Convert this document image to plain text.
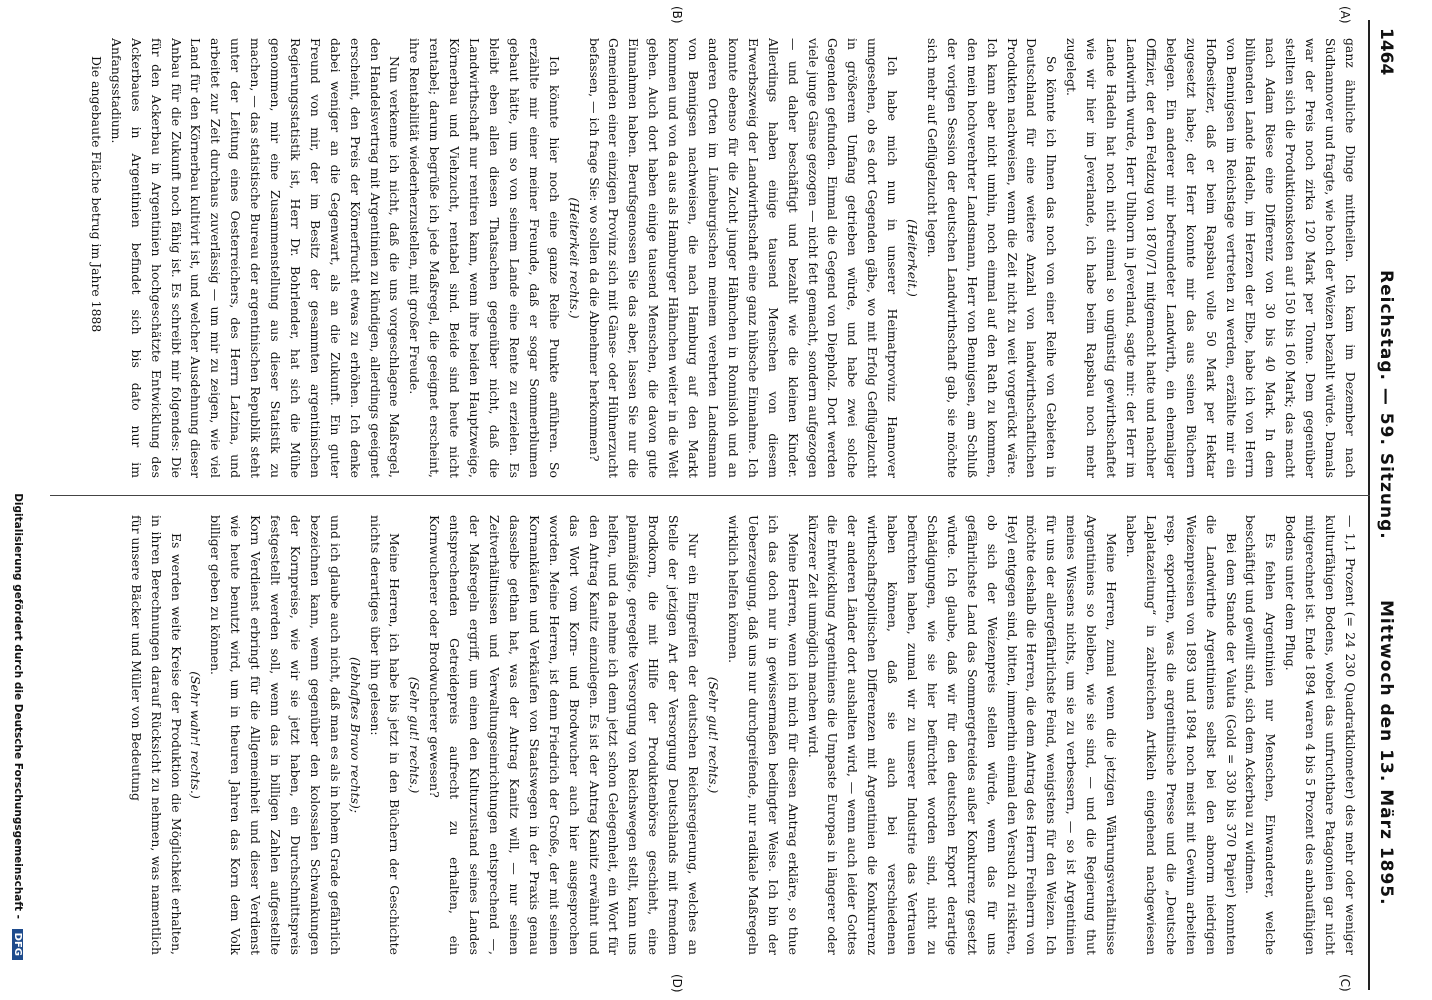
1464
Reichstag. — 59. Sitzung.
Mittwoch den 13. März 1895.
(A)
(B)
(C)
(D)

ganz ähnliche Dinge mittheilen. Ich kam im Dezember nach Südhannover und fragte, wie hoch der Weizen bezahlt würde. Damals war der Preis noch zirka 120 Mark per Tonne. Dem gegenüber stellten sich die Produktionskosten auf 150 bis 160 Mark; das macht nach Adam Riese eine Differenz von 30 bis 40 Mark. In dem blühenden Lande Hadeln, im Herzen der Elbe, habe ich von Herrn von Bennigsen im Reichstage vertreten zu werden, erzählte mir ein Hofbesitzer, daß er beim Rapsbau volle 50 Mark per Hektar zugesetzt habe; der Herr konnte mir das aus seinen Büchern belegen. Ein anderer mir befreundeter Landwirth, ein ehemaliger Offizier, der den Feldzug von 1870/71 mitgemacht hatte und nachher Landwirth wurde, Herr Uhlhorn in Jeverland, sagte mir: der Herr im Lande Hadeln hat noch nicht einmal so ungünstig gewirthschaftet wie wir hier im Jeverlande, ich habe beim Rapsbau noch mehr zugelegt.

So könnte ich Ihnen das noch von einer Reihe von Gebieten in Deutschland für eine weitere Anzahl von landwirthschaftlichen Produkten nachweisen, wenn die Zeit nicht zu weit vorgerückt wäre. Ich kann aber nicht umhin, noch einmal auf den Rath zu kommen, den mein hochverehrter Landsmann, Herr von Bennigsen, am Schluß der vorigen Session der deutschen Landwirthschaft gab, sie möchte sich mehr auf Geflügelzucht legen.

(Heiterkeit.)

Ich habe mich nun in unserer Heimatprovinz Hannover umgesehen, ob es dort Gegenden gäbe, wo mit Erfolg Geflügelzucht in größerem Umfang getrieben würde, und habe zwei solche Gegenden gefunden. Einmal die Gegend von Diepholz. Dort werden viele junge Gänse gezogen — nicht fett gemacht, sondern aufgezogen — und daher beschäftigt und bezahlt wie die kleinen Kinder. Allerdings haben einige tausend Menschen von diesem Erwerbszweig der Landwirthschaft eine ganz hübsche Einnahme. Ich konnte ebenso für die Zucht junger Hähnchen in Ronnisloh und an anderen Orten im Lüneburgischen meinem verehrten Landsmann von Bennigsen nachweisen, die nach Hamburg auf den Markt kommen und von da aus als Hamburger Hähnchen weiter in die Welt gehen. Auch dort haben einige tausend Menschen, die davon gute Einnahmen haben. Berufsgenossen Sie das aber, lassen Sie nur die Gemeinden einer einzigen Provinz sich mit Gänse- oder Hühnerzucht befassen, — ich frage Sie: wo sollen da die Abnehmer herkommen?

(Heiterkeit rechts.)

Ich könnte hier noch eine ganze Reihe Punkte anführen. So erzählte mir einer meiner Freunde, daß er sogar Sommerblumen gebaut hätte, um so von seinem Lande eine Rente zu erzielen. Es bleibt eben allen diesen Thatsachen gegenüber nicht, daß die Landwirthschaft nur rentiren kann, wenn ihre beiden Hauptzweige, Körnerbau und Viehzucht, rentabel sind. Beide sind heute nicht rentabel; darum begrüße ich jede Maßregel, die geeignet erscheint, ihre Rentabilität wiederherzustellen, mit großer Freude.

Nun verkenne ich nicht, daß die uns vorgeschlagene Maßregel, den Handelsvertrag mit Argentinien zu kündigen, allerdings geeignet erscheint, den Preis der Körnerfrucht etwas zu erhöhen. Ich denke dabei weniger an die Gegenwart, als an die Zukunft. Ein guter Freund von mir, der im Besitz der gesammten argentinischen Regierungsstatistik ist, Herr Dr. Bohrlender, hat sich die Mühe genommen, mir eine Zusammenstellung aus dieser Statistik zu machen, — das statistische Bureau der argentinischen Republik steht unter der Leitung eines Oesterreichers, des Herrn Latzina, und arbeitet zur Zeit durchaus zuverlässig — um mir zu zeigen, wie viel Land für den Körnerbau kultivirt ist, und welcher Ausdehnung dieser Anbau für die Zukunft noch fähig ist. Es schreibt mir folgendes: Die für den Ackerbau in Argentinien hochgeschätzte Entwicklung des Ackerbaues in Argentinien befindet sich bis dato nur im Anfangsstadium.

Die angebaute Fläche betrug im Jahre 1888

— 1,1 Prozent (= 24 230 Quadratkilometer) des mehr oder weniger kulturfähigen Bodens, wobei das unfruchtbare Patagonien gar nicht mitgerechnet ist. Ende 1894 waren 4 bis 5 Prozent des anbaufähigen Bodens unter dem Pflug.

Es fehlen Argentinien nur Menschen, Einwanderer, welche beschäftigt und gewillt sind, sich dem Ackerbau zu widmen.

Bei dem Stande der Valuta (Gold = 330 bis 370 Papier) konnten die Landwirthe Argentiniens selbst bei den abnorm niedrigen Weizenpreisen von 1893 und 1894 noch meist mit Gewinn arbeiten resp. exportiren, was die argentinische Presse und die „Deutsche Laplatazeitung“ in zahlreichen Artikeln eingehend nachgewiesen haben.

Meine Herren, zumal wenn die jetzigen Währungsverhältnisse Argentiniens so bleiben, wie sie sind, — und die Regierung thut meines Wissens nichts, um sie zu verbessern, — so ist Argentinien für uns der allergefährlichste Feind, wenigstens für den Weizen. Ich möchte deshalb die Herren, die dem Antrag des Herrn Freiherrn von Heyl entgegen sind, bitten, immerhin einmal den Versuch zu riskiren, ob sich der Weizenpreis stellen würde, wenn das für uns gefährlichste Land das Sommergetreides außer Konkurrenz gesetzt würde. Ich glaube, daß wir für den deutschen Export derartige Schädigungen, wie sie hier befürchtet worden sind, nicht zu befürchten haben, zumal wir zu unserer Industrie das Vertrauen haben können, daß sie auch bei verschiedenen wirthschaftspolitischen Differenzen mit Argentinien die Konkurrenz der anderen Länder dort aushalten wird, — wenn auch leider Gottes die Entwicklung Argentiniens die Umpaste Europas in längerer oder kürzerer Zeit unmöglich machen wird.

Meine Herren, wenn ich mich für diesen Antrag erkläre, so thue ich das doch nur in gewissermaßen bedingter Weise. Ich bin der Ueberzeugung, daß uns nur durchgreifende, nur radikale Maßregeln wirklich helfen können.

(Sehr gut! rechts.)

Nur ein Eingreifen der deutschen Reichsregierung, welches an Stelle der jetzigen Art der Versorgung Deutschlands mit fremdem Brodkorn, die mit Hilfe der Produktenbörse geschieht, eine planmäßige, geregelte Versorgung von Reichswegen stellt, kann uns helfen, und da nehme ich denn jetzt schon Gelegenheit, ein Wort für den Antrag Kanitz einzulegen. Es ist der Antrag Kanitz erwähnt und das Wort vom Korn- und Brodwucher auch hier ausgesprochen worden. Meine Herren, ist denn Friedrich der Große, der mit seinen Kornankäufen und Verkäufen von Staatswegen in der Praxis genau dasselbe gethan hat, was der Antrag Kanitz will, — nur seinen Zeitverhältnissen und Verwaltungseinrichtungen entsprechend —, der Maßregeln ergriff, um einen den Kulturzustand seines Landes entsprechenden Getreidepreis aufrecht zu erhalten, ein Kornwucherer oder Brodwucherer gewesen?

(Sehr gut! rechts.)

Meine Herren, ich habe bis jetzt in den Büchern der Geschichte nichts derartiges über ihn gelesen:

(lebhaftes Bravo rechts);

und ich glaube auch nicht, daß man es als in hohem Grade gefährlich bezeichnen kann, wenn gegenüber den kolossalen Schwankungen der Kornpreise, wie wir sie jetzt haben, ein Durchschnittspreis festgestellt werden soll, wenn das in billigen Zahlen aufgestellte Korn Verdienst erbringt für die Allgemeinheit und dieser Verdienst wie heute benutzt wird, um in theuren Jahren das Korn dem Volk billiger geben zu können.

(Sehr wahr! rechts.)

Es werden weite Kreise der Produktion die Möglichkeit erhalten, in ihren Berechnungen darauf Rücksicht zu nehmen, was namentlich für unsere Bäcker und Müller von Bedeutung

Digitalisierung gefördert durch die Deutsche Forschungsgemeinschaft - DFG
